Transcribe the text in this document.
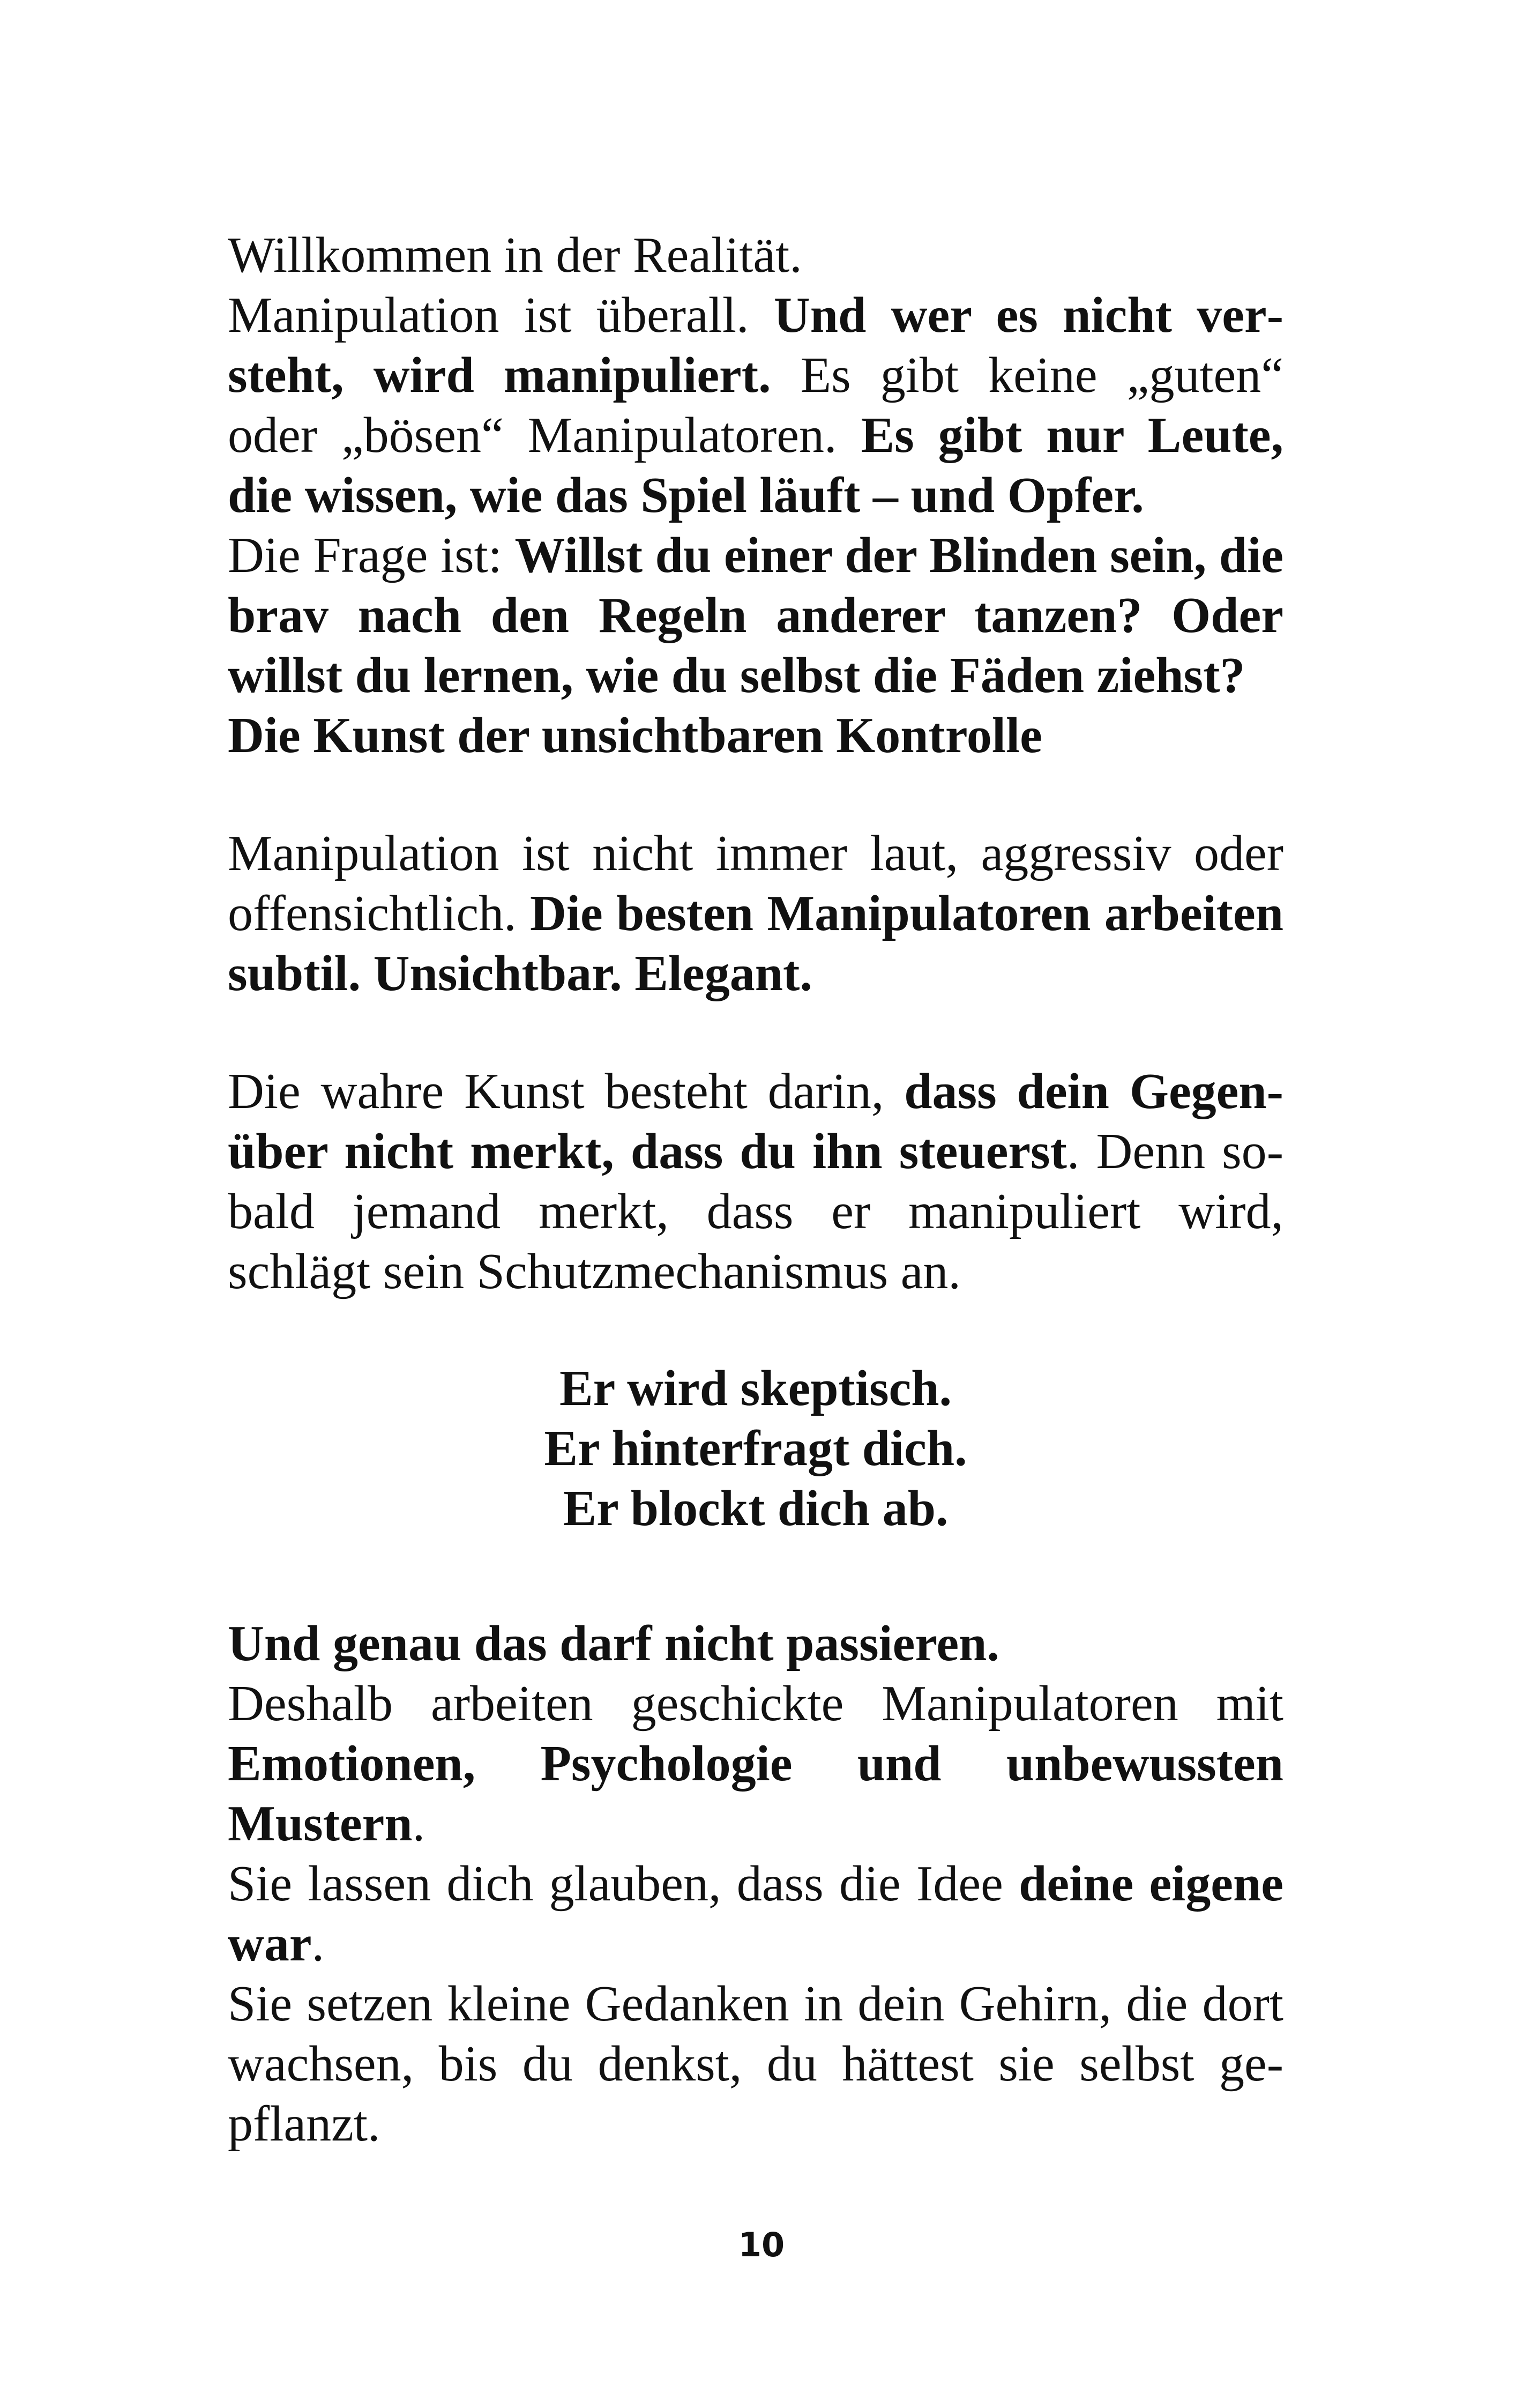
Willkommen in der Realität.

Manipulation ist überall. Und wer es nicht versteht, wird manipuliert. Es gibt keine „guten“ oder „bösen“ Manipulatoren. Es gibt nur Leute, die wissen, wie das Spiel läuft – und Opfer.

Die Frage ist: Willst du einer der Blinden sein, die brav nach den Regeln anderer tanzen? Oder willst du lernen, wie du selbst die Fäden ziehst?

Die Kunst der unsichtbaren Kontrolle

Manipulation ist nicht immer laut, aggressiv oder offensichtlich. Die besten Manipulatoren arbeiten subtil. Unsichtbar. Elegant.

Die wahre Kunst besteht darin, dass dein Gegenüber nicht merkt, dass du ihn steuerst. Denn sobald jemand merkt, dass er manipuliert wird, schlägt sein Schutzmechanismus an.

Er wird skeptisch.

Er hinterfragt dich.

Er blockt dich ab.

Und genau das darf nicht passieren.

Deshalb arbeiten geschickte Manipulatoren mit Emotionen, Psychologie und unbewussten Mustern.

Sie lassen dich glauben, dass die Idee deine eigene war.

Sie setzen kleine Gedanken in dein Gehirn, die dort wachsen, bis du denkst, du hättest sie selbst gepflanzt.

10
